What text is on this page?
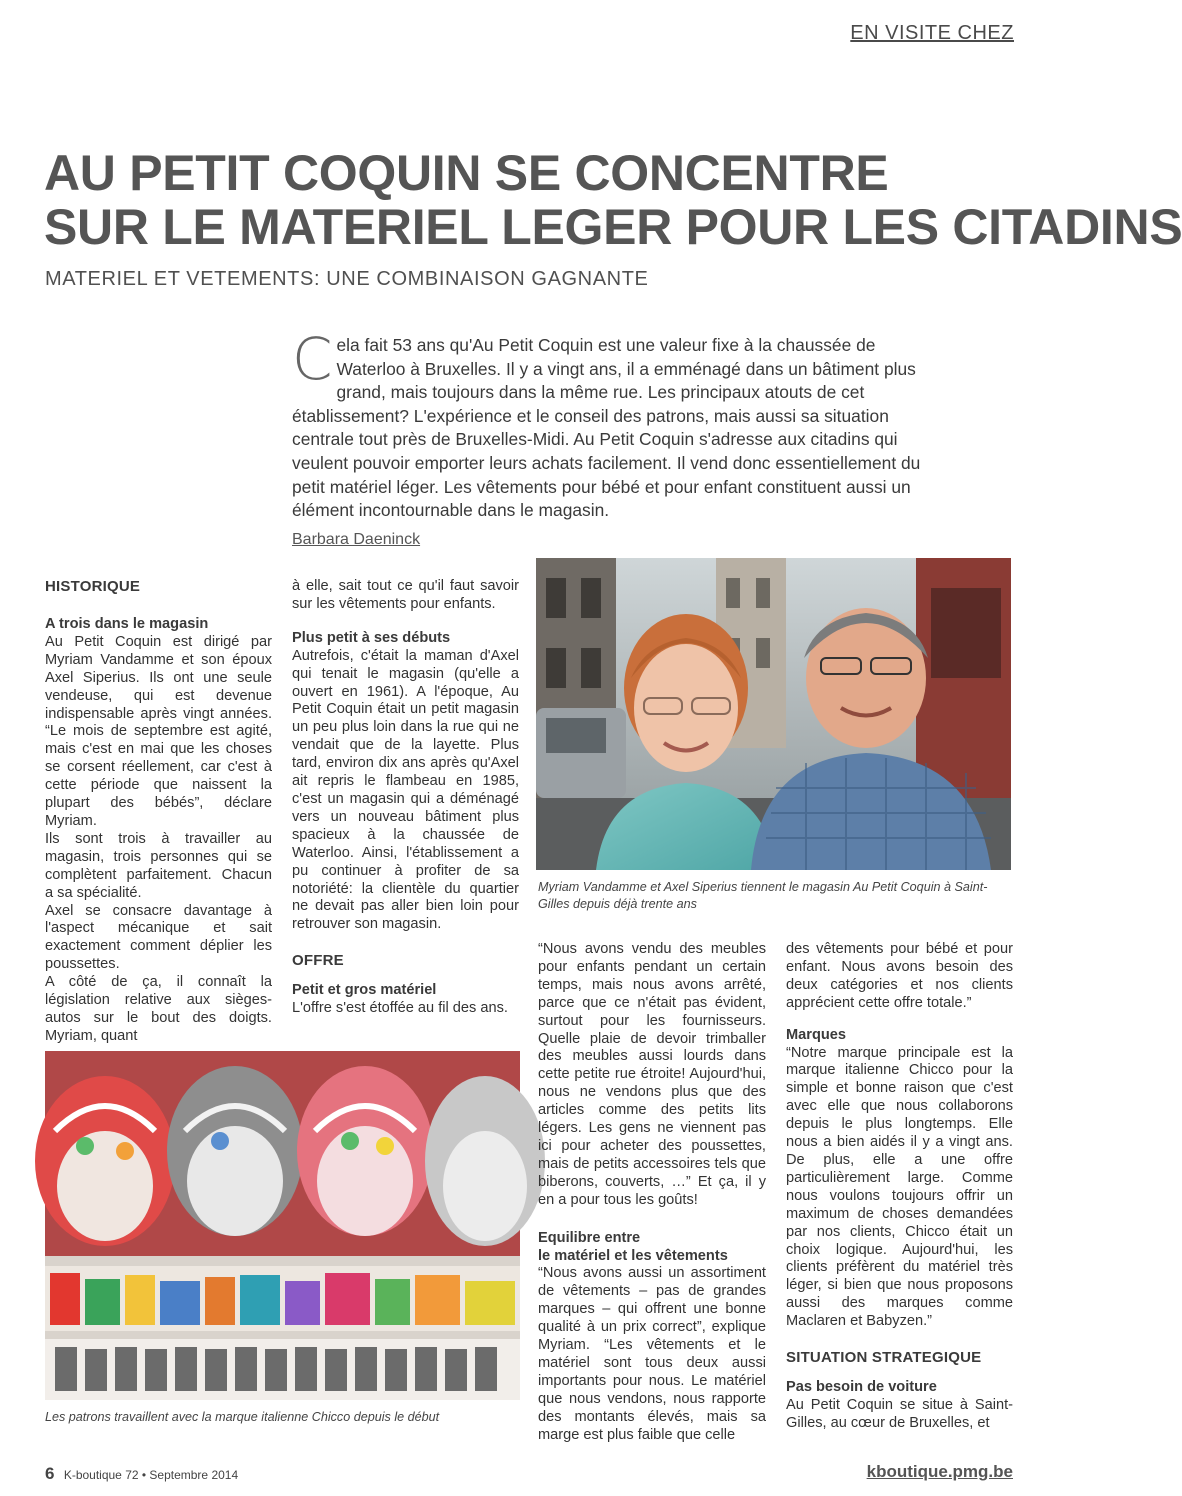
EN VISITE CHEZ
AU PETIT COQUIN SE CONCENTRE
SUR LE MATERIEL LEGER POUR LES CITADINS
MATERIEL ET VETEMENTS: UNE COMBINAISON GAGNANTE

C ela fait 53 ans qu'Au Petit Coquin est une valeur fixe à la chaussée de Waterloo à Bruxelles. Il y a vingt ans, il a emménagé dans un bâtiment plus grand, mais toujours dans la même rue. Les principaux atouts de cet établissement? L'expérience et le conseil des patrons, mais aussi sa situation centrale tout près de Bruxelles-Midi. Au Petit Coquin s'adresse aux citadins qui veulent pouvoir emporter leurs achats facilement. Il vend donc essentiellement du petit matériel léger. Les vêtements pour bébé et pour enfant constituent aussi un élément incontournable dans le magasin.

Barbara Daeninck
HISTORIQUE
A trois dans le magasin

Au Petit Coquin est dirigé par Myriam Vandamme et son époux Axel Siperius. Ils ont une seule vendeuse, qui est devenue indispensable après vingt années. “Le mois de septembre est agité, mais c'est en mai que les choses se corsent réellement, car c'est à cette période que naissent la plupart des bébés”, déclare Myriam.

Ils sont trois à travailler au magasin, trois personnes qui se complètent parfaitement. Chacun a sa spécialité.

Axel se consacre davantage à l'aspect mécanique et sait exactement comment déplier les poussettes.

A côté de ça, il connaît la législation relative aux sièges-autos sur le bout des doigts. Myriam, quant

à elle, sait tout ce qu'il faut savoir sur les vêtements pour enfants.

Plus petit à ses débuts

Autrefois, c'était la maman d'Axel qui tenait le magasin (qu'elle a ouvert en 1961). A l'époque, Au Petit Coquin était un petit magasin un peu plus loin dans la rue qui ne vendait que de la layette. Plus tard, environ dix ans après qu'Axel ait repris le flambeau en 1985, c'est un magasin qui a déménagé vers un nouveau bâtiment plus spacieux à la chaussée de Waterloo. Ainsi, l'établissement a pu continuer à profiter de sa notoriété: la clientèle du quartier ne devait pas aller bien loin pour retrouver son magasin.

OFFRE
Petit et gros matériel

L'offre s'est étoffée au fil des ans.

Myriam Vandamme et Axel Siperius tiennent le magasin Au Petit Coquin à Saint-Gilles depuis déjà trente ans
Les patrons travaillent avec la marque italienne Chicco depuis le début

“Nous avons vendu des meubles pour enfants pendant un certain temps, mais nous avons arrêté, parce que ce n'était pas évident, surtout pour les fournisseurs. Quelle plaie de devoir trimballer des meubles aussi lourds dans cette petite rue étroite! Aujourd'hui, nous ne vendons plus que des articles comme des petits lits légers. Les gens ne viennent pas ici pour acheter des poussettes, mais de petits accessoires tels que biberons, couverts, …” Et ça, il y en a pour tous les goûts!

Equilibre entre
le matériel et les vêtements

“Nous avons aussi un assortiment de vêtements – pas de grandes marques – qui offrent une bonne qualité à un prix correct”, explique Myriam. “Les vêtements et le matériel sont tous deux aussi importants pour nous. Le matériel que nous vendons, nous rapporte des montants élevés, mais sa marge est plus faible que celle

des vêtements pour bébé et pour enfant. Nous avons besoin des deux catégories et nos clients apprécient cette offre totale.”

Marques

“Notre marque principale est la marque italienne Chicco pour la simple et bonne raison que c'est avec elle que nous collaborons depuis le plus longtemps. Elle nous a bien aidés il y a vingt ans. De plus, elle a une offre particulièrement large. Comme nous voulons toujours offrir un maximum de choses demandées par nos clients, Chicco était un choix logique. Aujourd'hui, les clients préfèrent du matériel très léger, si bien que nous proposons aussi des marques comme Maclaren et Babyzen.”

SITUATION STRATEGIQUE
Pas besoin de voiture

Au Petit Coquin se situe à Saint-Gilles, au cœur de Bruxelles, et

6 K-boutique 72 • Septembre 2014	kboutique.pmg.be
